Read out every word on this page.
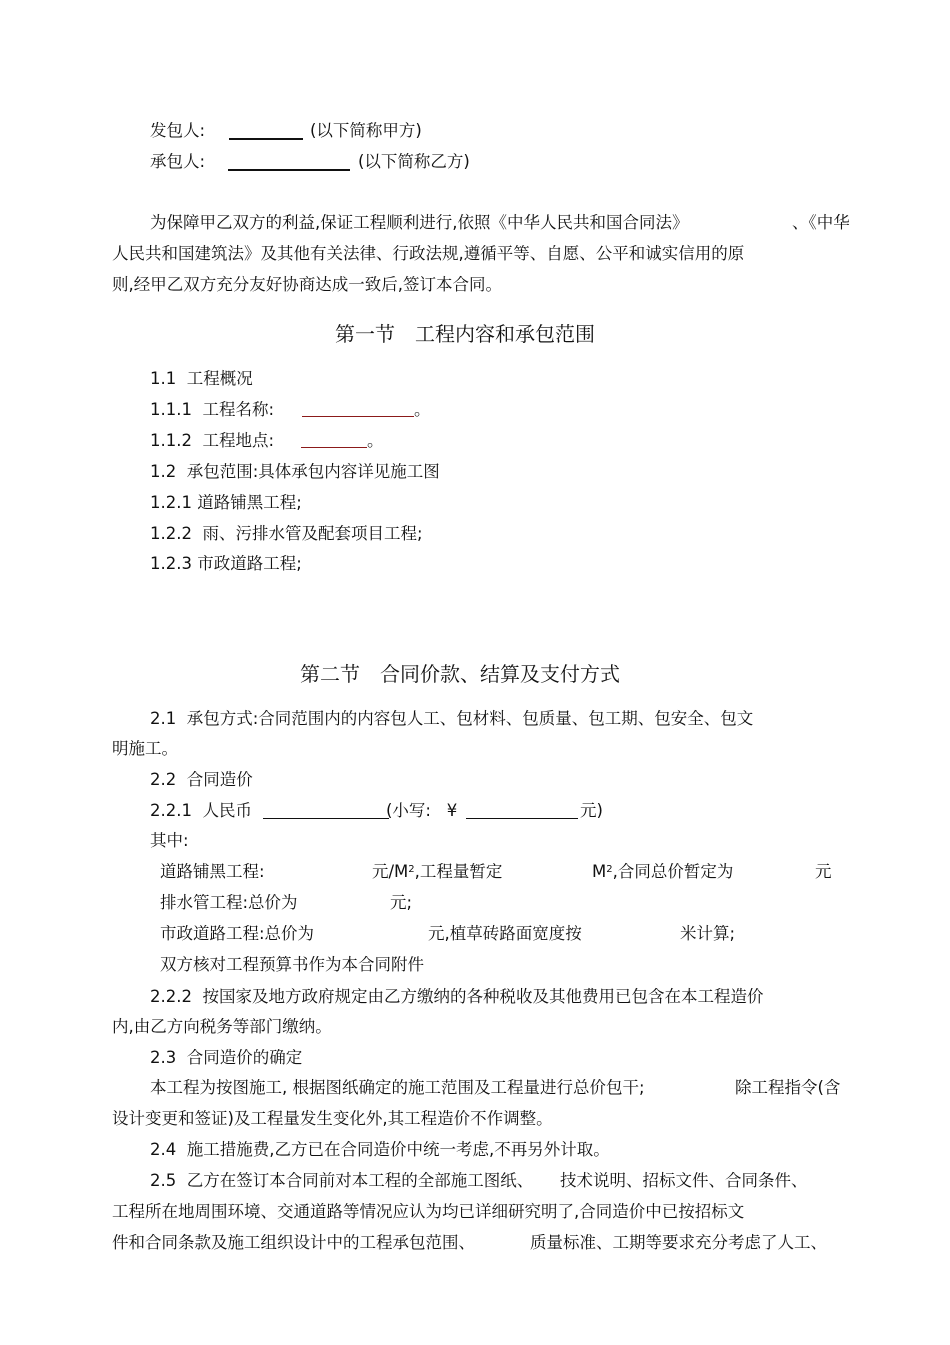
发包人:	(以下简称甲方)
承包人:	(以下简称乙方)
为保障甲乙双方的利益,保证工程顺利进行,依照《中华人民共和国合同法》	、《中华
人民共和国建筑法》及其他有关法律、行政法规,遵循平等、自愿、公平和诚实信用的原
则,经甲乙双方充分友好协商达成一致后,签订本合同。
第一节　工程内容和承包范围
1.1  工程概况
1.1.1  工程名称:	。
1.1.2  工程地点:	。
1.2  承包范围:具体承包内容详见施工图
1.2.1 道路铺黑工程;
1.2.2  雨、污排水管及配套项目工程;
1.2.3 市政道路工程;
第二节　合同价款、结算及支付方式
2.1  承包方式:合同范围内的内容包人工、包材料、包质量、包工期、包安全、包文
明施工。
2.2  合同造价
2.2.1  人民币	(小写:   ¥	元)
其中:
道路铺黑工程:	元$/M^2$,工程量暂定	$M^2$,合同总价暂定为	元
排水管工程:总价为	元;
市政道路工程:总价为	元,植草砖路面宽度按	米计算;
双方核对工程预算书作为本合同附件
2.2.2  按国家及地方政府规定由乙方缴纳的各种税收及其他费用已包含在本工程造价
内,由乙方向税务等部门缴纳。
2.3  合同造价的确定
本工程为按图施工, 根据图纸确定的施工范围及工程量进行总价包干;	除工程指令(含
设计变更和签证)及工程量发生变化外,其工程造价不作调整。
2.4  施工措施费,乙方已在合同造价中统一考虑,不再另外计取。
2.5  乙方在签订本合同前对本工程的全部施工图纸、 技术说明、招标文件、合同条件、
工程所在地周围环境、交通道路等情况应认为均已详细研究明了,合同造价中已按招标文
件和合同条款及施工组织设计中的工程承包范围、	质量标准、工期等要求充分考虑了人工、
